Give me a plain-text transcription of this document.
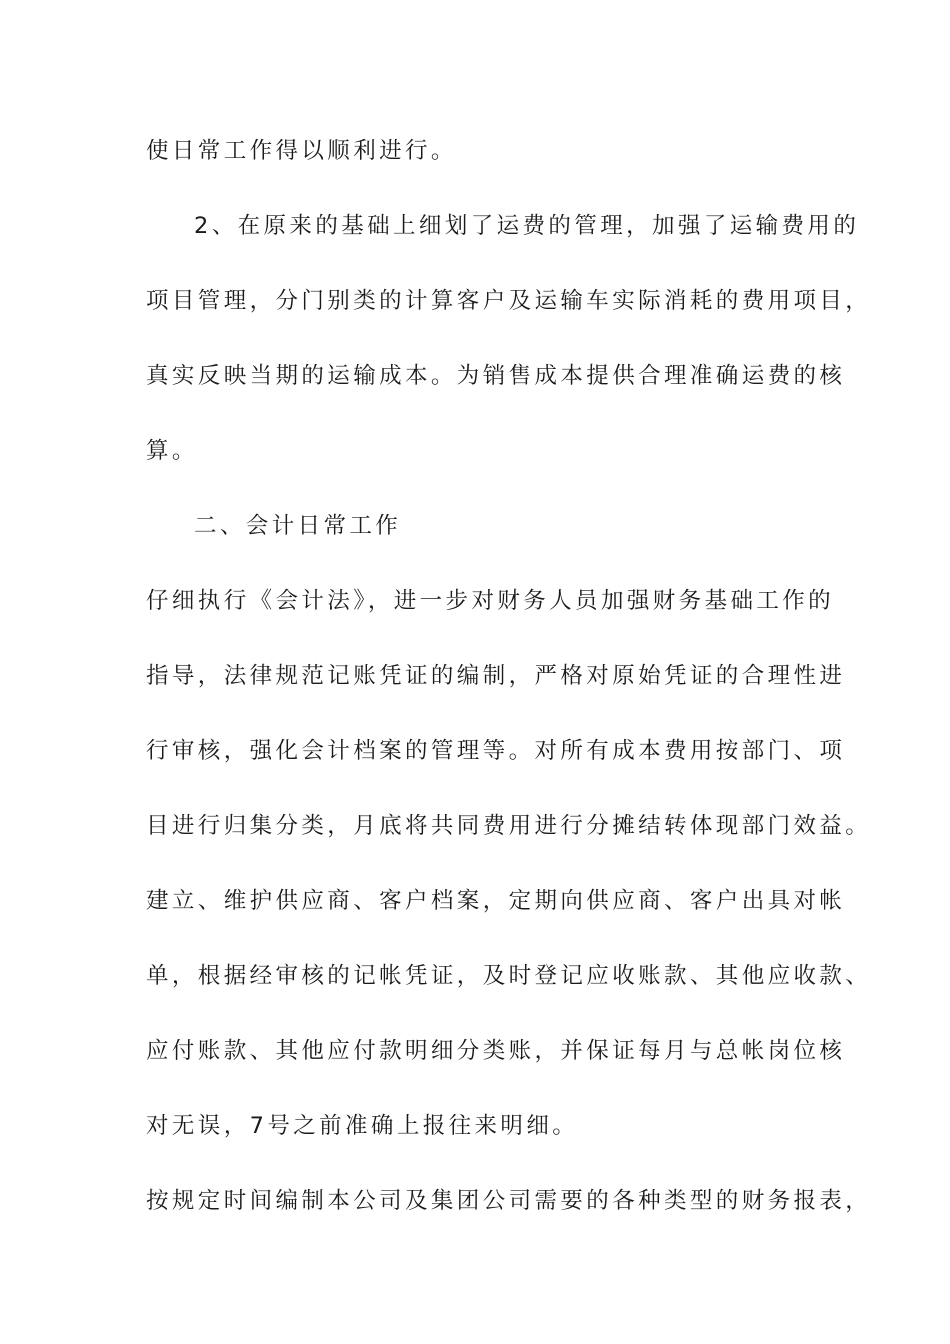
使日常工作得以顺利进行。
2、在原来的基础上细划了运费的管理，加强了运输费用的
项目管理，分门别类的计算客户及运输车实际消耗的费用项目，
真实反映当期的运输成本。为销售成本提供合理准确运费的核
算。
二、会计日常工作
仔细执行《会计法》，进一步对财务人员加强财务基础工作的
指导，法律规范记账凭证的编制，严格对原始凭证的合理性进
行审核，强化会计档案的管理等。对所有成本费用按部门、项
目进行归集分类，月底将共同费用进行分摊结转体现部门效益。
建立、维护供应商、客户档案，定期向供应商、客户出具对帐
单，根据经审核的记帐凭证，及时登记应收账款、其他应收款、
应付账款、其他应付款明细分类账，并保证每月与总帐岗位核
对无误，7号之前准确上报往来明细。
按规定时间编制本公司及集团公司需要的各种类型的财务报表，
